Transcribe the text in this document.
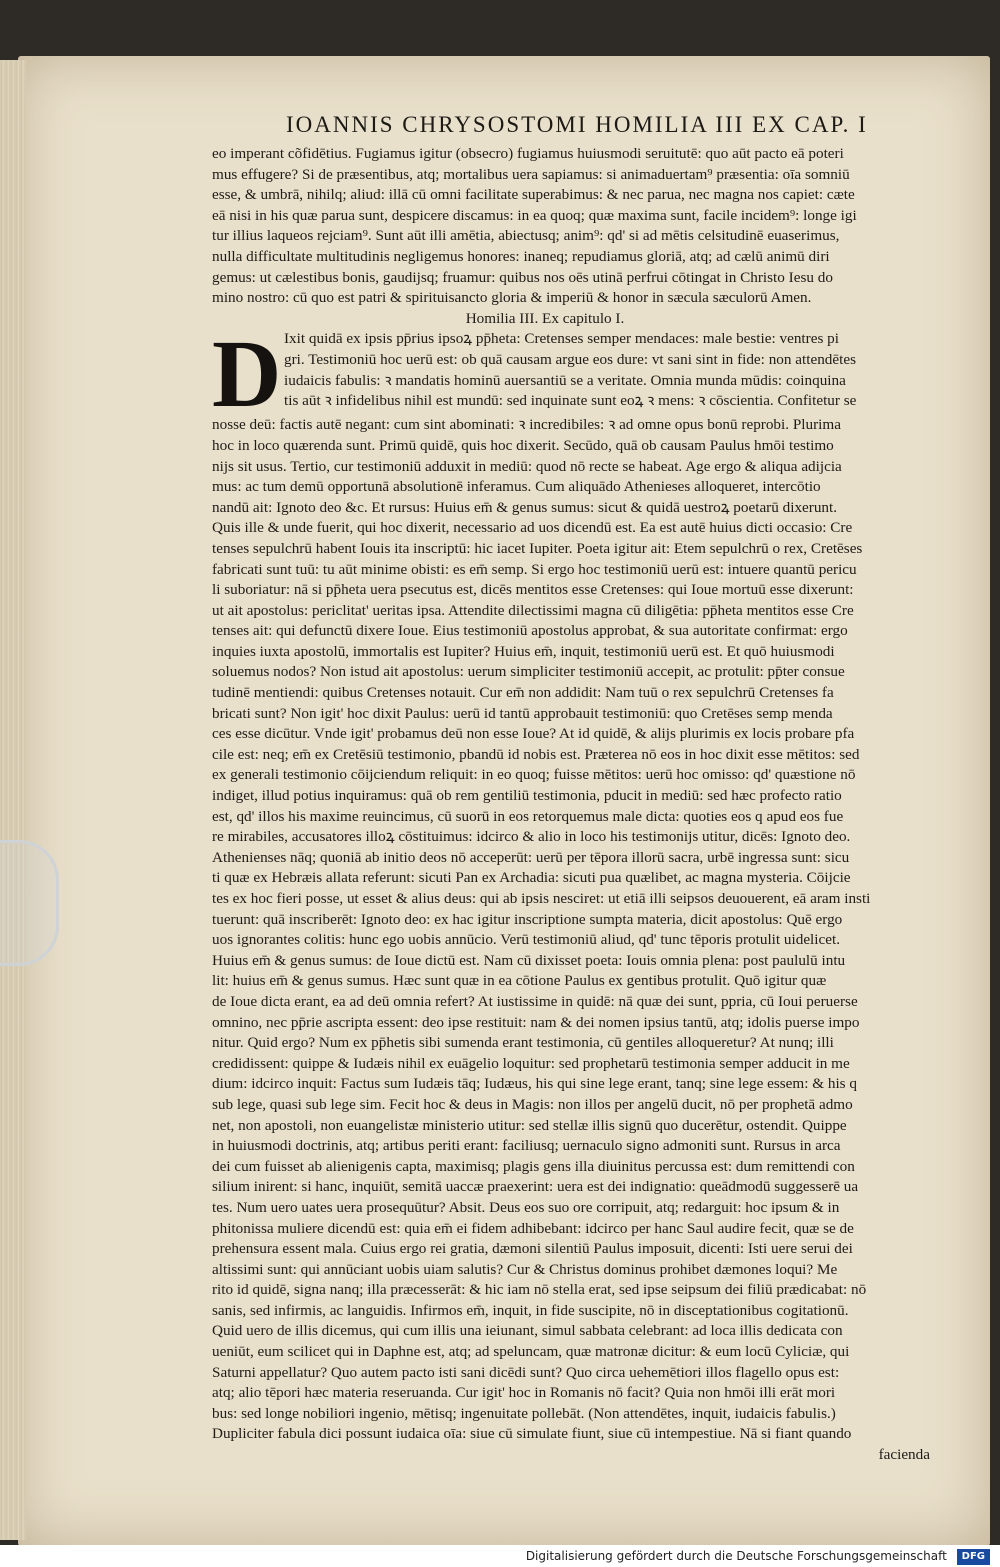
IOANNIS CHRYSOSTOMI HOMILIA III EX CAP. I
eo imperant cõfidētius. Fugiamus igitur (obsecro) fugiamus huiusmodi seruitutē: quo aūt pacto eā poteri
mus effugere? Si de præsentibus, atq; mortalibus uera sapiamus: si animaduertam⁹ præsentia: oīa somniū
esse, & umbrā, nihilq; aliud: illā cū omni facilitate superabimus: & nec parua, nec magna nos capiet: cæte
eā nisi in his quæ parua sunt, despicere discamus: in ea quoq; quæ maxima sunt, facile incidem⁹: longe igi
tur illius laqueos rejciam⁹. Sunt aūt illi amētia, abiectusq; anim⁹: qd' si ad mētis celsitudinē euaserimus,
nulla difficultate multitudinis negligemus honores: inaneq; repudiamus gloriā, atq; ad cælū animū diri
gemus: ut cælestibus bonis, gaudijsq; fruamur: quibus nos oēs utinā perfrui cōtingat in Christo Iesu do
mino nostro: cū quo est patri & spirituisancto gloria & imperiū & honor in sæcula sæculorū Amen.
Homilia III. Ex capitulo I.
D Ixit quidā ex ipsis pp̄rius ipsoꝝ pp̄heta: Cretenses semper mendaces: male bestie: ventres pi
gri. Testimoniū hoc uerū est: ob quā causam argue eos dure: vt sani sint in fide: non attendētes
iudaicis fabulis: ꝛ mandatis hominū auersantiū se a veritate. Omnia munda mūdis: coinquina
tis aūt ꝛ infidelibus nihil est mundū: sed inquinate sunt eoꝝ ꝛ mens: ꝛ cōscientia. Confitetur se
nosse deū: factis autē negant: cum sint abominati: ꝛ incredibiles: ꝛ ad omne opus bonū reprobi. Plurima
hoc in loco quærenda sunt. Primū quidē, quis hoc dixerit. Secūdo, quā ob causam Paulus hmōi testimo
nijs sit usus. Tertio, cur testimoniū adduxit in mediū: quod nō recte se habeat. Age ergo & aliqua adijcia
mus: ac tum demū opportunā absolutionē inferamus. Cum aliquādo Athenieses alloqueret, intercōtio
nandū ait: Ignoto deo &c. Et rursus: Huius em̄ & genus sumus: sicut & quidā uestroꝝ poetarū dixerunt.
Quis ille & unde fuerit, qui hoc dixerit, necessario ad uos dicendū est. Ea est autē huius dicti occasio: Cre
tenses sepulchrū habent Iouis ita inscriptū: hic iacet Iupiter. Poeta igitur ait: Etem sepulchrū o rex, Cretēses
fabricati sunt tuū: tu aūt minime obisti: es em̄ semp. Si ergo hoc testimoniū uerū est: intuere quantū pericu
li suboriatur: nā si pp̄heta uera psecutus est, dicēs mentitos esse Cretenses: qui Ioue mortuū esse dixerunt:
ut ait apostolus: periclitat' ueritas ipsa. Attendite dilectissimi magna cū diligētia: pp̄heta mentitos esse Cre
tenses ait: qui defunctū dixere Ioue. Eius testimoniū apostolus approbat, & sua autoritate confirmat: ergo
inquies iuxta apostolū, immortalis est Iupiter? Huius em̄, inquit, testimoniū uerū est. Et quō huiusmodi
soluemus nodos? Non istud ait apostolus: uerum simpliciter testimoniū accepit, ac protulit: pp̄ter consue
tudinē mentiendi: quibus Cretenses notauit. Cur em̄ non addidit: Nam tuū o rex sepulchrū Cretenses fa
bricati sunt? Non igit' hoc dixit Paulus: uerū id tantū approbauit testimoniū: quo Cretēses semp menda
ces esse dicūtur. Vnde igit' probamus deū non esse Ioue? At id quidē, & alijs plurimis ex locis probare pfa
cile est: neq; em̄ ex Cretēsiū testimonio, pbandū id nobis est. Præterea nō eos in hoc dixit esse mētitos: sed
ex generali testimonio cōijciendum reliquit: in eo quoq; fuisse mētitos: uerū hoc omisso: qd' quæstione nō
indiget, illud potius inquiramus: quā ob rem gentiliū testimonia, pducit in mediū: sed hæc profecto ratio
est, qd' illos his maxime reuincimus, cū suorū in eos retorquemus male dicta: quoties eos q apud eos fue
re mirabiles, accusatores illoꝝ cōstituimus: idcirco & alio in loco his testimonijs utitur, dicēs: Ignoto deo.
Athenienses nāq; quoniā ab initio deos nō acceperūt: uerū per tēpora illorū sacra, urbē ingressa sunt: sicu
ti quæ ex Hebræis allata referunt: sicuti Pan ex Archadia: sicuti pua quælibet, ac magna mysteria. Cōijcie
tes ex hoc fieri posse, ut esset & alius deus: qui ab ipsis nesciret: ut etiā illi seipsos deuouerent, eā aram insti
tuerunt: quā inscriberēt: Ignoto deo: ex hac igitur inscriptione sumpta materia, dicit apostolus: Quē ergo
uos ignorantes colitis: hunc ego uobis annūcio. Verū testimoniū aliud, qd' tunc tēporis protulit uidelicet.
Huius em̄ & genus sumus: de Ioue dictū est. Nam cū dixisset poeta: Iouis omnia plena: post paululū intu
lit: huius em̄ & genus sumus. Hæc sunt quæ in ea cōtione Paulus ex gentibus protulit. Quō igitur quæ
de Ioue dicta erant, ea ad deū omnia refert? At iustissime in quidē: nā quæ dei sunt, ppria, cū Ioui peruerse
omnino, nec pp̄rie ascripta essent: deo ipse restituit: nam & dei nomen ipsius tantū, atq; idolis puerse impo
nitur. Quid ergo? Num ex pp̄hetis sibi sumenda erant testimonia, cū gentiles alloqueretur? At nunq; illi
credidissent: quippe & Iudæis nihil ex euāgelio loquitur: sed prophetarū testimonia semper adducit in me
dium: idcirco inquit: Factus sum Iudæis tāq; Iudæus, his qui sine lege erant, tanq; sine lege essem: & his q
sub lege, quasi sub lege sim. Fecit hoc & deus in Magis: non illos per angelū ducit, nō per prophetā admo
net, non apostoli, non euangelistæ ministerio utitur: sed stellæ illis signū quo ducerētur, ostendit. Quippe
in huiusmodi doctrinis, atq; artibus periti erant: faciliusq; uernaculo signo admoniti sunt. Rursus in arca
dei cum fuisset ab alienigenis capta, maximisq; plagis gens illa diuinitus percussa est: dum remittendi con
silium inirent: si hanc, inquiūt, semitā uaccæ praexerint: uera est dei indignatio: queādmodū suggesserē ua
tes. Num uero uates uera prosequūtur? Absit. Deus eos suo ore corripuit, atq; redarguit: hoc ipsum & in
phitonissa muliere dicendū est: quia em̄ ei fidem adhibebant: idcirco per hanc Saul audire fecit, quæ se de
prehensura essent mala. Cuius ergo rei gratia, dæmoni silentiū Paulus imposuit, dicenti: Isti uere serui dei
altissimi sunt: qui annūciant uobis uiam salutis? Cur & Christus dominus prohibet dæmones loqui? Me
rito id quidē, signa nanq; illa præcesserāt: & hic iam nō stella erat, sed ipse seipsum dei filiū prædicabat: nō
sanis, sed infirmis, ac languidis. Infirmos em̄, inquit, in fide suscipite, nō in disceptationibus cogitationū.
Quid uero de illis dicemus, qui cum illis una ieiunant, simul sabbata celebrant: ad loca illis dedicata con
ueniūt, eum scilicet qui in Daphne est, atq; ad speluncam, quæ matronæ dicitur: & eum locū Cyliciæ, qui
Saturni appellatur? Quo autem pacto isti sani dicēdi sunt? Quo circa uehemētiori illos flagello opus est:
atq; alio tēpori hæc materia reseruanda. Cur igit' hoc in Romanis nō facit? Quia non hmōi illi erāt mori
bus: sed longe nobiliori ingenio, mētisq; ingenuitate pollebāt. (Non attendētes, inquit, iudaicis fabulis.)
Dupliciter fabula dici possunt iudaica oīa: siue cū simulate fiunt, siue cū intempestiue. Nā si fiant quando
facienda
Digitalisierung gefördert durch die Deutsche Forschungsgemeinschaft DFG
